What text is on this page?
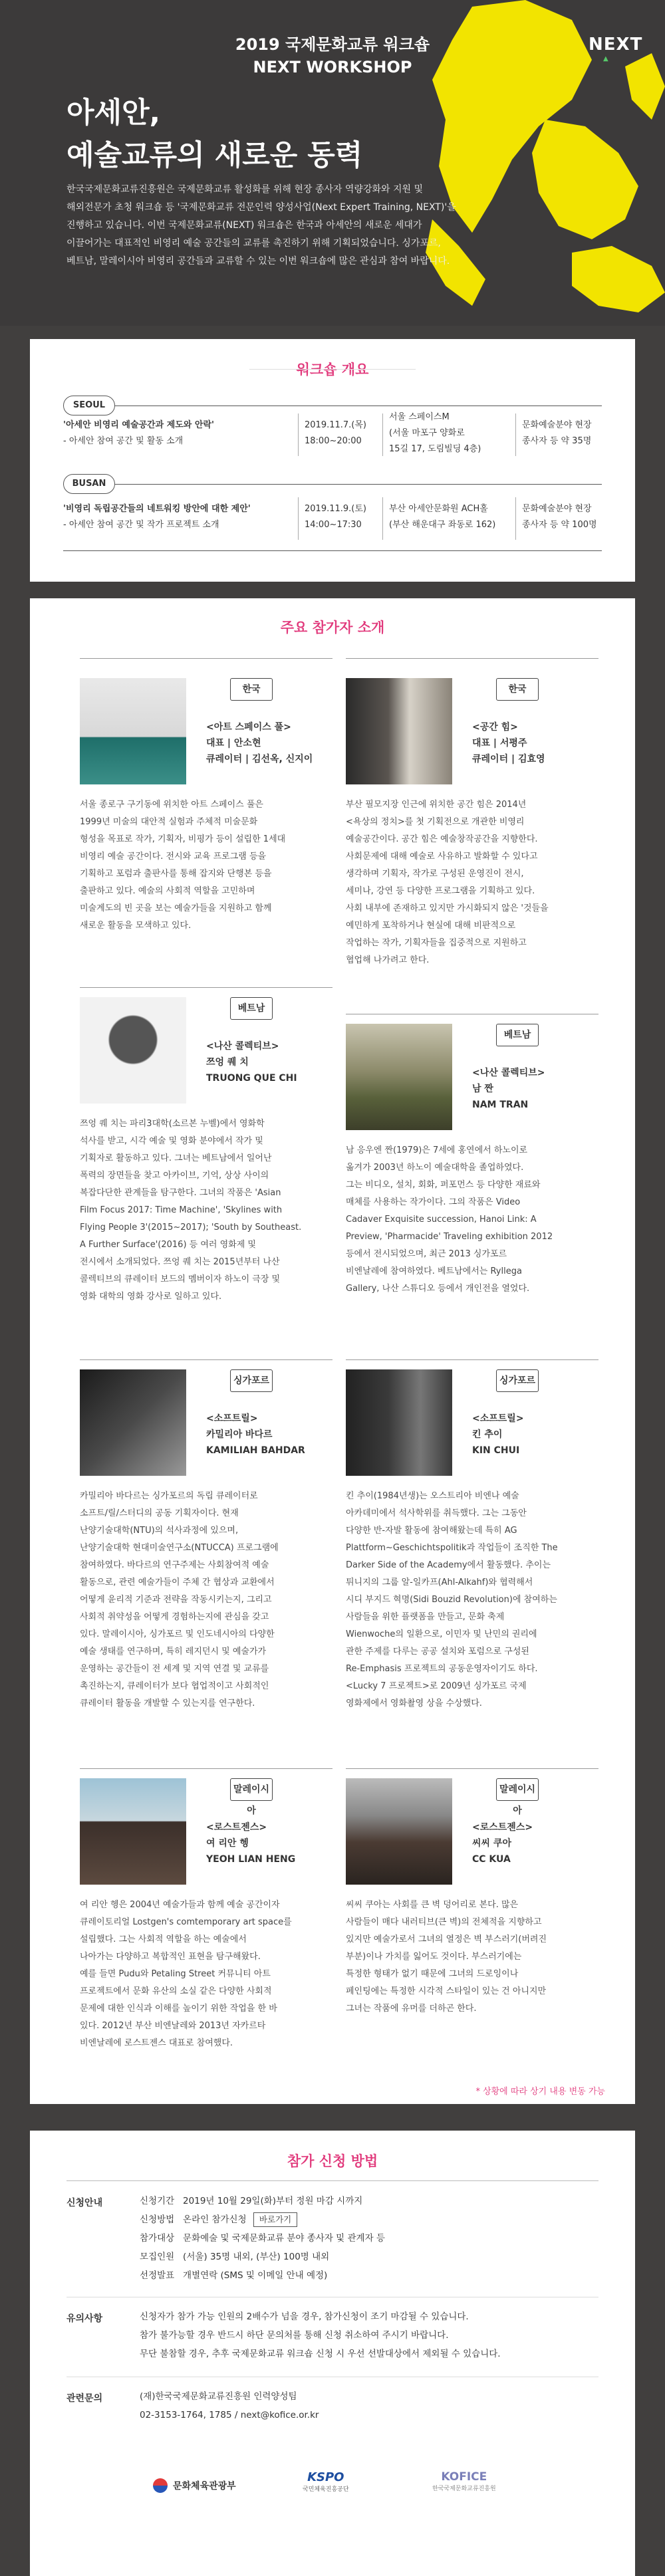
2019 국제문화교류 워크숍
NEXT WORKSHOP
NEXT
▲
아세안,
예술교류의 새로운 동력
한국국제문화교류진흥원은 국제문화교류 활성화를 위해 현장 종사자 역량강화와 지원 및
해외전문가 초청 워크숍 등 '국제문화교류 전문인력 양성사업(Next Expert Training, NEXT)'을
진행하고 있습니다. 이번 국제문화교류(NEXT) 워크숍은 한국과 아세안의 새로운 세대가
이끌어가는 대표적인 비영리 예술 공간들의 교류를 촉진하기 위해 기획되었습니다. 싱가포르,
베트남, 말레이시아 비영리 공간들과 교류할 수 있는 이번 워크숍에 많은 관심과 참여 바랍니다.
워크숍 개요
SEOUL
'아세안 비영리 예술공간과 제도와 안락'
- 아세안 참여 공간 및 활동 소개
2019.11.7.(목)
18:00~20:00
서울 스페이스M
(서울 마포구 양화로
15길 17, 도림빌딩 4층)
문화예술분야 현장
종사자 등 약 35명
BUSAN
'비영리 독립공간들의 네트워킹 방안에 대한 제안'
- 아세안 참여 공간 및 작가 프로젝트 소개
2019.11.9.(토)
14:00~17:30
부산 아세안문화원 ACH홀
(부산 해운대구 좌동로 162)
문화예술분야 현장
종사자 등 약 100명
주요 참가자 소개
한국
<아트 스페이스 풀>
대표 | 안소현
큐레이터 | 김선옥, 신지이
서울 종로구 구기동에 위치한 아트 스페이스 풀은
1999년 미술의 대안적 실험과 주체적 미술문화
형성을 목표로 작가, 기획자, 비평가 등이 설립한 1세대
비영리 예술 공간이다. 전시와 교육 프로그램 등을
기획하고 포럼과 출판사를 통해 잡지와 단행본 등을
출판하고 있다. 예술의 사회적 역할을 고민하며
미술계도의 빈 곳을 보는 예술가들을 지원하고 함께
새로운 활동을 모색하고 있다.
한국
<공간 힘>
대표 | 서평주
큐레이터 | 김효영
부산 필모지장 인근에 위치한 공간 힘은 2014년
<욕상의 정치>를 첫 기획전으로 개관한 비영리
예술공간이다. 공간 힘은 예술창작공간을 지향한다.
사회문제에 대해 예술로 사유하고 발화할 수 있다고
생각하며 기획자, 작가로 구성된 운영진이 전시,
세미나, 강연 등 다양한 프로그램을 기획하고 있다.
사회 내부에 존재하고 있지만 가시화되지 않은 '것들을
예민하게 포착하거나 현실에 대해 비판적으로
작업하는 작가, 기획자들을 집중적으로 지원하고
협업해 나가려고 한다.
베트남
<나산 콜렉티브>
쯔엉 퀘 치
TRUONG QUE CHI
쯔엉 퀘 치는 파리3대학(소르본 누벨)에서 영화학
석사를 받고, 시각 예술 및 영화 분야에서 작가 및
기획자로 활동하고 있다. 그녀는 베트남에서 일어난
폭력의 장면들을 찾고 아카이브, 기억, 상상 사이의
복잡다단한 관계들을 탐구한다. 그녀의 작품은 'Asian
Film Focus 2017: Time Machine', 'Skylines with
Flying People 3'(2015~2017); 'South by Southeast.
A Further Surface'(2016) 등 여러 영화제 및
전시에서 소개되었다. 쯔엉 퀘 치는 2015년부터 나산
콜렉티브의 큐레이터 보드의 멤버이자 하노이 극장 및
영화 대학의 영화 강사로 일하고 있다.
베트남
<나산 콜렉티브>
남 짠
NAM TRAN
남 응우엔 짠(1979)은 7세에 홍연에서 하노이로
옮겨가 2003년 하노이 예술대학을 졸업하였다.
그는 비디오, 설치, 회화, 퍼포먼스 등 다양한 재료와
매체를 사용하는 작가이다. 그의 작품은 Video
Cadaver Exquisite succession, Hanoi Link: A
Preview, 'Pharmacide' Traveling exhibition 2012
등에서 전시되었으며, 최근 2013 싱가포르
비엔날레에 참여하였다. 베트남에서는 Ryllega
Gallery, 나산 스튜디오 등에서 개인전을 열었다.
싱가포르
<소프트릴>
카밀리아 바다르
KAMILIAH BAHDAR
카밀리아 바다르는 싱가포르의 독립 큐레이터로
소프트/릴/스터디의 공동 기획자이다. 현재
난양기술대학(NTU)의 석사과정에 있으며,
난양기술대학 현대미술연구소(NTUCCA) 프로그램에
참여하였다. 바다르의 연구주제는 사회참여적 예술
활동으로, 관련 예술가들이 주체 간 협상과 교환에서
어떻게 윤리적 기준과 전략을 작동시키는지, 그리고
사회적 취약성을 어떻게 경험하는지에 관심을 갖고
있다. 말레이시아, 싱가포르 및 인도네시아의 다양한
예술 생태를 연구하며, 특히 레지던시 및 예술가가
운영하는 공간들이 전 세계 및 지역 연결 및 교류를
촉진하는지, 큐레이터가 보다 협업적이고 사회적인
큐레이터 활동을 개발할 수 있는지를 연구한다.
싱가포르
<소프트릴>
킨 추이
KIN CHUI
킨 추이(1984년생)는 오스트리아 비엔나 예술
아카데미에서 석사학위를 취득했다. 그는 그동안
다양한 반-자발 활동에 참여해왔는데 특히 AG
Plattform~Geschichtspolitik과 작업들이 조직한 The
Darker Side of the Academy에서 활동했다. 추이는
튀니지의 그룹 알-일카프(Ahl-Alkahf)와 협력해서
시디 부지드 혁명(Sidi Bouzid Revolution)에 참여하는
사람들을 위한 플랫폼을 만들고, 문화 축제
Wienwoche의 일환으로, 이민자 및 난민의 권리에
관한 주제를 다루는 공공 설치와 포럼으로 구성된
Re-Emphasis 프로젝트의 공동운영자이기도 하다.
<Lucky 7 프로젝트>로 2009년 싱가포르 국제
영화제에서 영화촬영 상을 수상했다.
말레이시아
<로스트젠스>
여 리안 헹
YEOH LIAN HENG
여 리안 헹은 2004년 예술가들과 함께 예술 공간이자
큐레이토리얼 Lostgen's comtemporary art space를
설립했다. 그는 사회적 역할을 하는 예술에서
나아가는 다양하고 복합적인 표현을 탐구해왔다.
예를 들면 Pudu와 Petaling Street 커뮤니티 아트
프로젝트에서 문화 유산의 소실 같은 다양한 사회적
문제에 대한 인식과 이해를 높이기 위한 작업을 한 바
있다. 2012년 부산 비엔날레와 2013년 자카르타
비엔날레에 로스트젠스 대표로 참여했다.
말레이시아
<로스트젠스>
씨씨 쿠아
CC KUA
씨씨 쿠아는 사회를 큰 벽 덩어리로 본다. 많은
사람들이 매다 내러티브(큰 벽)의 전체적을 지향하고
있지만 예술가로서 그녀의 열정은 벽 부스러기(버려진
부분)이나 가치를 잃어도 것이다. 부스러기에는
특정한 형태가 없기 때문에 그녀의 드로잉이나
페인팅에는 특정한 시각적 스타일이 있는 건 아니지만
그녀는 작품에 유머를 더하곤 한다.
* 상황에 따라 상기 내용 변동 가능
참가 신청 방법
신청안내	신청기간 2019년 10월 29일(화)부터 정원 마감 시까지
신청방법 온라인 참가신청 바로가기
참가대상 문화예술 및 국제문화교류 분야 종사자 및 관계자 등
모집인원 (서울) 35명 내외, (부산) 100명 내외
선정발표 개별연락 (SMS 및 이메일 안내 예정)
유의사항	신청자가 참가 가능 인원의 2배수가 넘을 경우, 참가신청이 조기 마감될 수 있습니다.
참가 불가능할 경우 반드시 하단 문의처를 통해 신청 취소하여 주시기 바랍니다.
무단 불참할 경우, 추후 국제문화교류 워크숍 신청 시 우선 선발대상에서 제외될 수 있습니다.
관련문의	(재)한국국제문화교류진흥원 인력양성팀
02-3153-1764, 1785 / next@kofice.or.kr
문화체육관광부
KSPO
국민체육진흥공단
KOFICE
한국국제문화교류진흥원
